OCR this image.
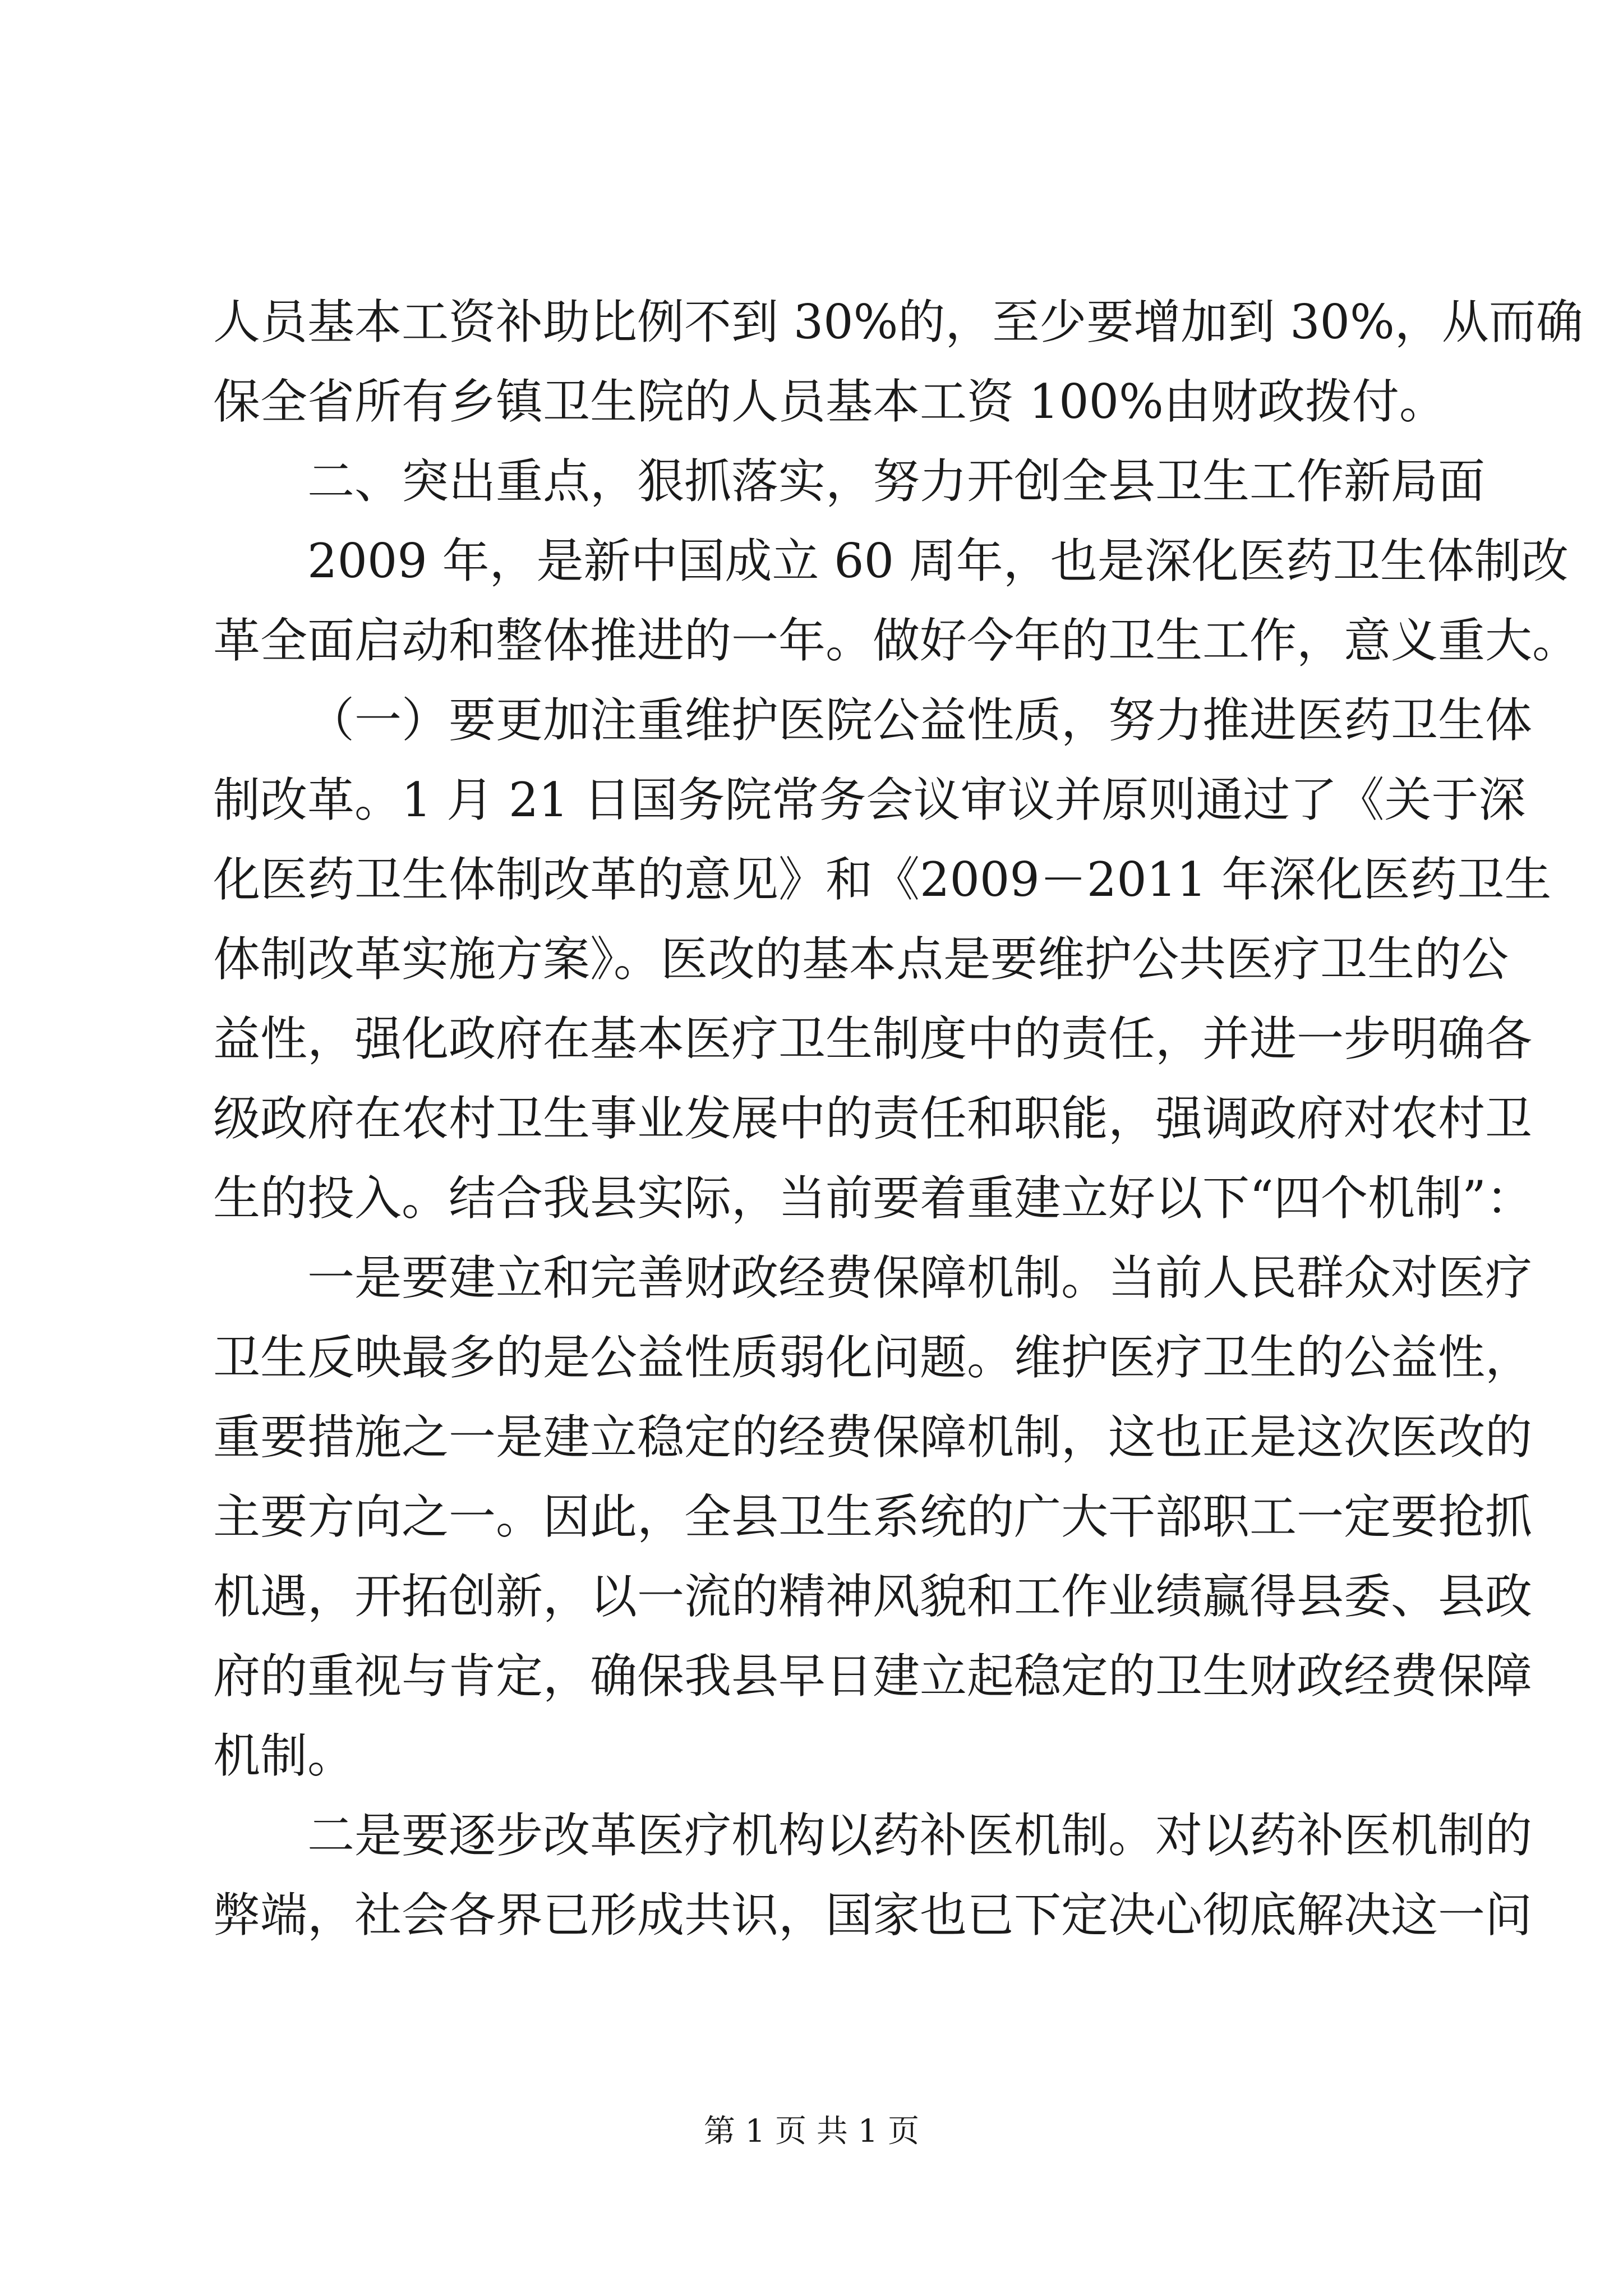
人员基本工资补助比例不到 30%的，至少要增加到 30%，从而确
保全省所有乡镇卫生院的人员基本工资 100%由财政拨付。
二、突出重点，狠抓落实，努力开创全县卫生工作新局面
2009 年，是新中国成立 60 周年，也是深化医药卫生体制改
革全面启动和整体推进的一年。做好今年的卫生工作，意义重大。
（一）要更加注重维护医院公益性质，努力推进医药卫生体
制改革。1 月 21 日国务院常务会议审议并原则通过了《关于深
化医药卫生体制改革的意见》和《2009－2011 年深化医药卫生
体制改革实施方案》。医改的基本点是要维护公共医疗卫生的公
益性，强化政府在基本医疗卫生制度中的责任，并进一步明确各
级政府在农村卫生事业发展中的责任和职能，强调政府对农村卫
生的投入。结合我县实际，当前要着重建立好以下“四个机制”：
一是要建立和完善财政经费保障机制。当前人民群众对医疗
卫生反映最多的是公益性质弱化问题。维护医疗卫生的公益性，
重要措施之一是建立稳定的经费保障机制，这也正是这次医改的
主要方向之一。因此，全县卫生系统的广大干部职工一定要抢抓
机遇，开拓创新，以一流的精神风貌和工作业绩赢得县委、县政
府的重视与肯定，确保我县早日建立起稳定的卫生财政经费保障
机制。
二是要逐步改革医疗机构以药补医机制。对以药补医机制的
弊端，社会各界已形成共识，国家也已下定决心彻底解决这一问
第 1 页 共 1 页
